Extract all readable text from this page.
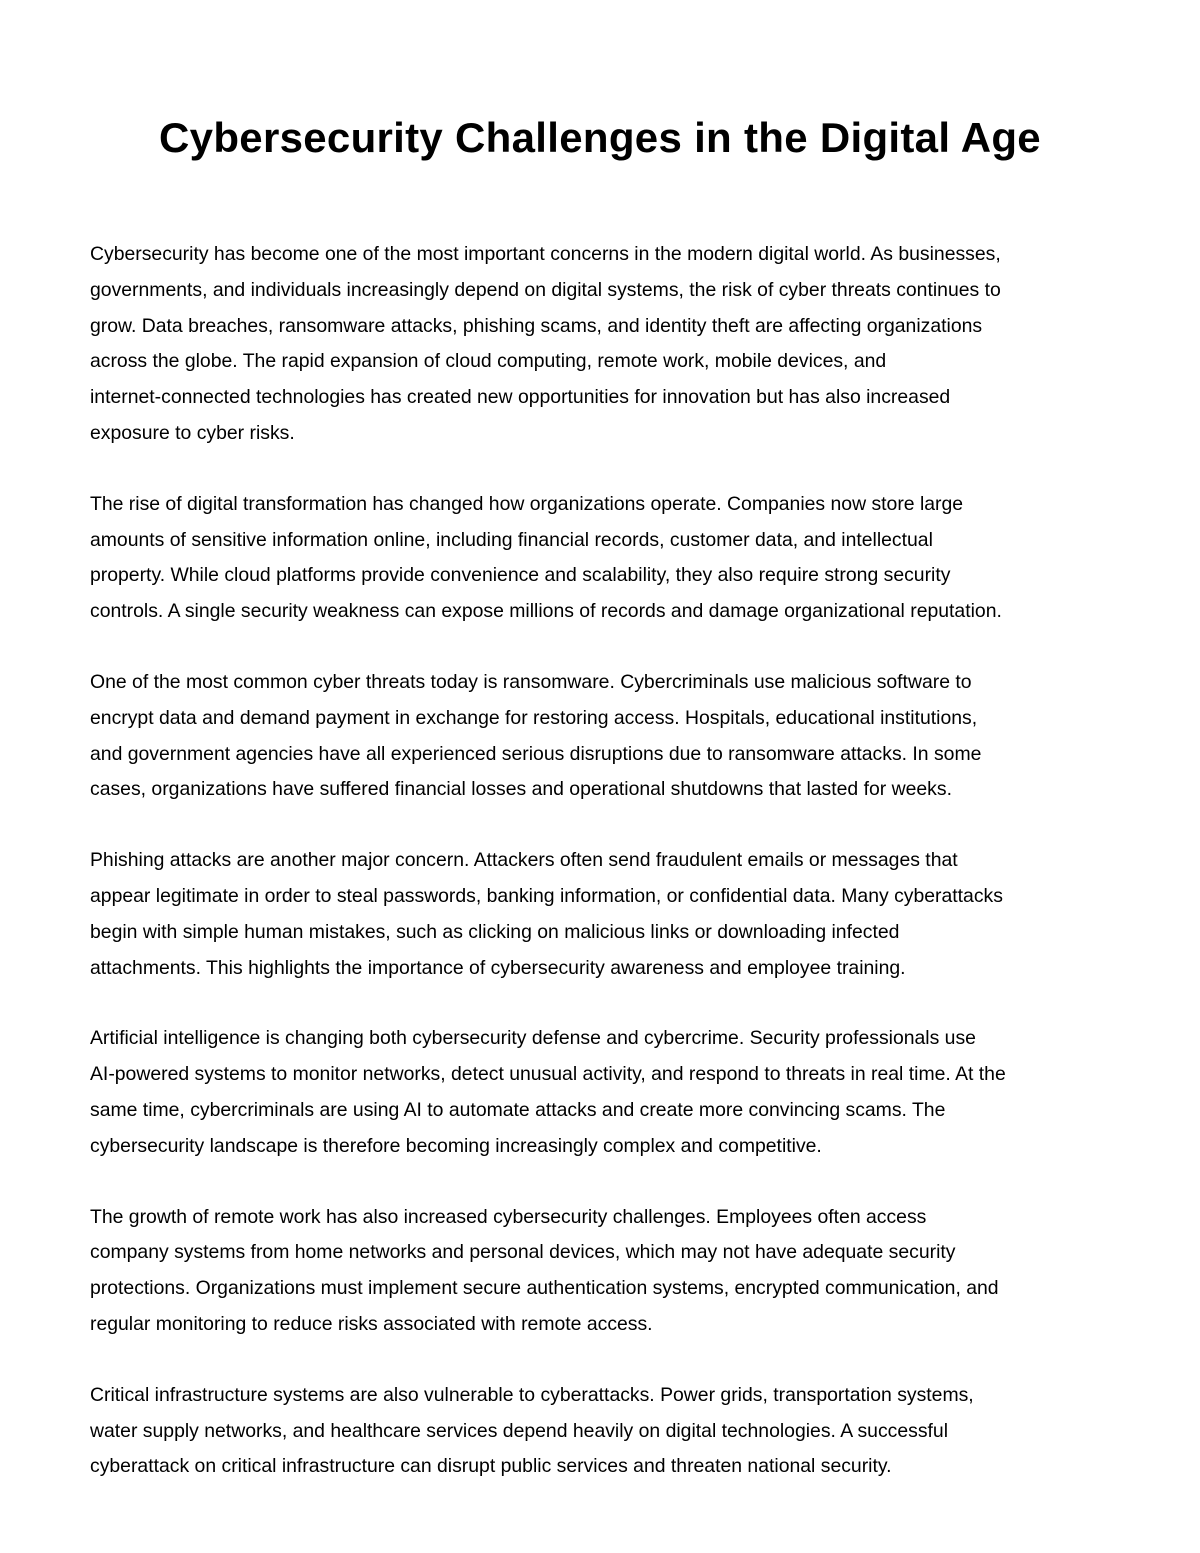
Cybersecurity Challenges in the Digital Age

Cybersecurity has become one of the most important concerns in the modern digital world. As businesses,
governments, and individuals increasingly depend on digital systems, the risk of cyber threats continues to
grow. Data breaches, ransomware attacks, phishing scams, and identity theft are affecting organizations
across the globe. The rapid expansion of cloud computing, remote work, mobile devices, and
internet-connected technologies has created new opportunities for innovation but has also increased
exposure to cyber risks.

The rise of digital transformation has changed how organizations operate. Companies now store large
amounts of sensitive information online, including financial records, customer data, and intellectual
property. While cloud platforms provide convenience and scalability, they also require strong security
controls. A single security weakness can expose millions of records and damage organizational reputation.

One of the most common cyber threats today is ransomware. Cybercriminals use malicious software to
encrypt data and demand payment in exchange for restoring access. Hospitals, educational institutions,
and government agencies have all experienced serious disruptions due to ransomware attacks. In some
cases, organizations have suffered financial losses and operational shutdowns that lasted for weeks.

Phishing attacks are another major concern. Attackers often send fraudulent emails or messages that
appear legitimate in order to steal passwords, banking information, or confidential data. Many cyberattacks
begin with simple human mistakes, such as clicking on malicious links or downloading infected
attachments. This highlights the importance of cybersecurity awareness and employee training.

Artificial intelligence is changing both cybersecurity defense and cybercrime. Security professionals use
AI-powered systems to monitor networks, detect unusual activity, and respond to threats in real time. At the
same time, cybercriminals are using AI to automate attacks and create more convincing scams. The
cybersecurity landscape is therefore becoming increasingly complex and competitive.

The growth of remote work has also increased cybersecurity challenges. Employees often access
company systems from home networks and personal devices, which may not have adequate security
protections. Organizations must implement secure authentication systems, encrypted communication, and
regular monitoring to reduce risks associated with remote access.

Critical infrastructure systems are also vulnerable to cyberattacks. Power grids, transportation systems,
water supply networks, and healthcare services depend heavily on digital technologies. A successful
cyberattack on critical infrastructure can disrupt public services and threaten national security.
